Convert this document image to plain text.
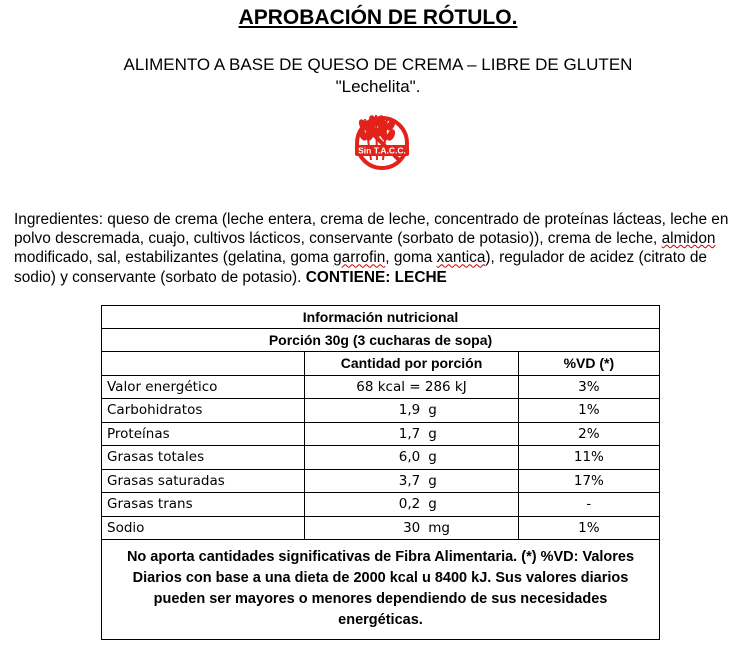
APROBACIÓN DE RÓTULO.
ALIMENTO A BASE DE QUESO DE CREMA – LIBRE DE GLUTEN
"Lechelita".
Sin T.A.C.C.
Ingredientes: queso de crema (leche entera, crema de leche, concentrado de proteínas lácteas, leche en polvo descremada, cuajo, cultivos lácticos, conservante (sorbato de potasio)), crema de leche, almidon modificado, sal, estabilizantes (gelatina, goma garrofin, goma xantica), regulador de acidez (citrato de sodio) y conservante (sorbato de potasio). CONTIENE: LECHE
Información nutricional		
Porción 30g (3 cucharas de sopa)		
	Cantidad por porción	%VD (*)
Valor energético	68 kcal = 286 kJ	3%
Carbohidratos	1,9 g	1%
Proteínas	1,7 g	2%
Grasas totales	6,0 g	11%
Grasas saturadas	3,7 g	17%
Grasas trans	0,2 g	-
Sodio	30 mg	1%
No aporta cantidades significativas de Fibra Alimentaria. (*) %VD: Valores Diarios con base a una dieta de 2000 kcal u 8400 kJ. Sus valores diarios pueden ser mayores o menores dependiendo de sus necesidades energéticas.		
